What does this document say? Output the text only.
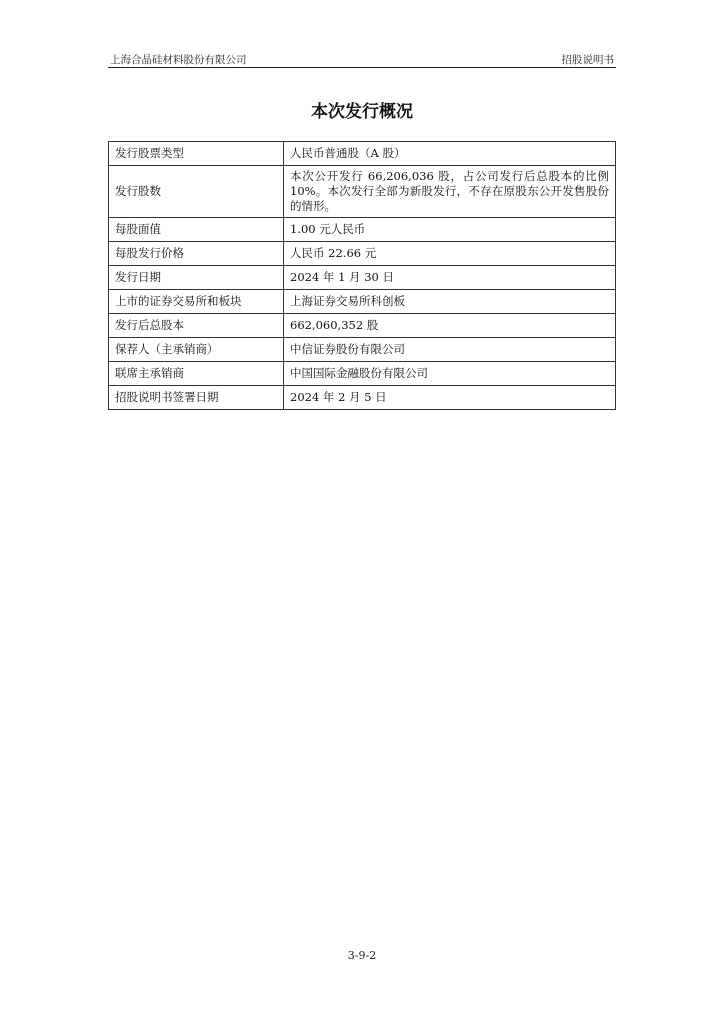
上海合晶硅材料股份有限公司	招股说明书
本次发行概况
发行股票类型	人民币普通股（A 股）
发行股数	本次公开发行 66,206,036 股，占公司发行后总股本的比例 10%。本次发行全部为新股发行，不存在原股东公开发售股份的情形。
每股面值	1.00 元人民币
每股发行价格	人民币 22.66 元
发行日期	2024 年 1 月 30 日
上市的证券交易所和板块	上海证券交易所科创板
发行后总股本	662,060,352 股
保荐人（主承销商）	中信证券股份有限公司
联席主承销商	中国国际金融股份有限公司
招股说明书签署日期	2024 年 2 月 5 日
3-9-2
